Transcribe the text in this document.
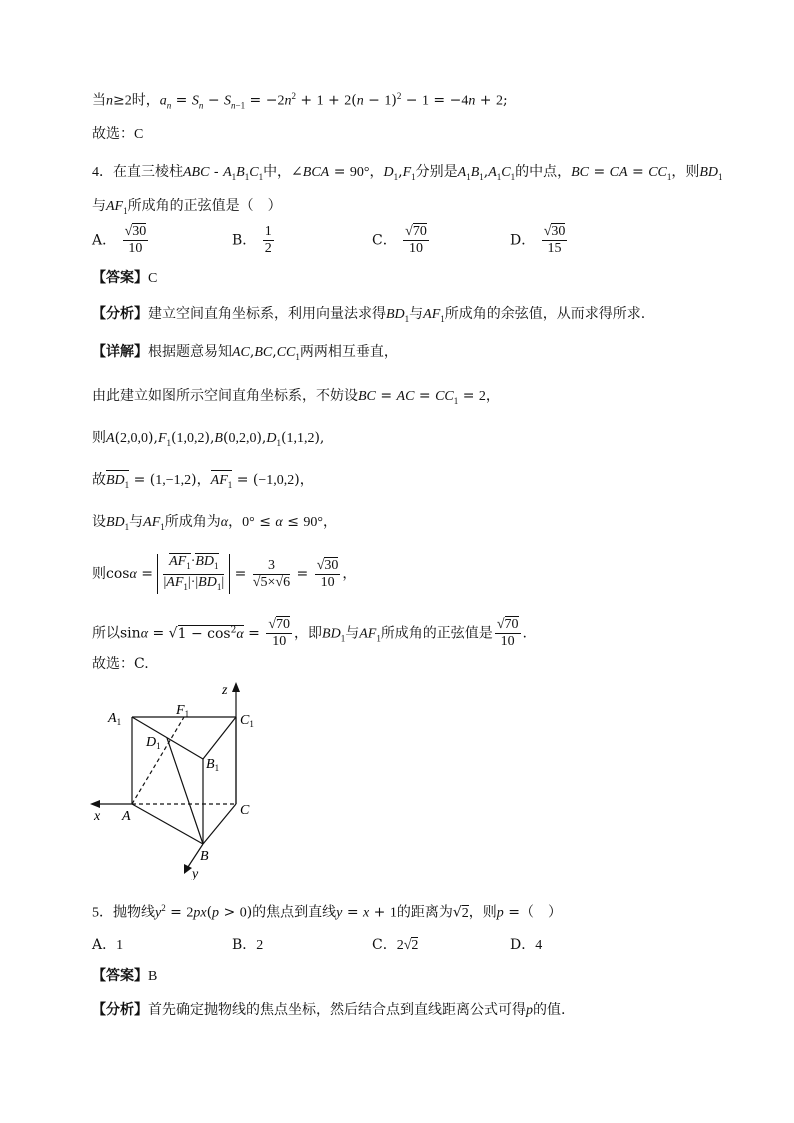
当n≥2时，$a_n = S_n - S_{n-1} = -2n^2 + 1 + 2(n - 1)^2 - 1 = -4n + 2$;
故选：C
4．在直三棱柱ABC - $A_1B_1C_1$中，∠BCA = 90°，$D_1,F_1$分别是$A_1B_1,A_1C_1$的中点，BC = CA = $CC_1$，则$BD_1$
与$AF_1$所成角的正弦值是（　）
A． $\frac{√30}{10}$	B． $\frac{1}{2}$	C． $\frac{√70}{10}$	D． $\frac{√30}{15}$
【答案】C
【分析】建立空间直角坐标系，利用向量法求得$BD_1$与$AF_1$所成角的余弦值，从而求得所求.
【详解】根据题意易知$AC,BC,CC_1$两两相互垂直，
由此建立如图所示空间直角坐标系，不妨设BC = AC = $CC_1 = 2$，
则$A(2,0,0),F_1(1,0,2),B(0,2,0),D_1(1,1,2)$,
故$BD_1 = (1,-1,2)$，$AF_1 = (-1,0,2)$，
设$BD_1$与$AF_1$所成角为α，0° ≤ α ≤ 90°，
则$\cos\alpha = \frac{AF_1\cdot BD_1}{|AF_1|\cdot|BD_1|} = \frac{3}{√5\times√6} = \frac{√30}{10}$ ，
所以$\sin\alpha = √1 - \cos^2\alpha = \frac{√70}{10}$ ，即$BD_1$与$AF_1$所成角的正弦值是 $\frac{√70}{10}$ .
故选：C.
$A_1$
$F_1$	$C_1$
$D_1$
$B_1$
A	C
B
x
y
z
5．抛物线$y^2 = 2px(p > 0)$的焦点到直线y = x + 1的距离为√2，则p =（　）
A．1	B．2	C．2√2	D．4
【答案】B
【分析】首先确定抛物线的焦点坐标，然后结合点到直线距离公式可得p的值.
